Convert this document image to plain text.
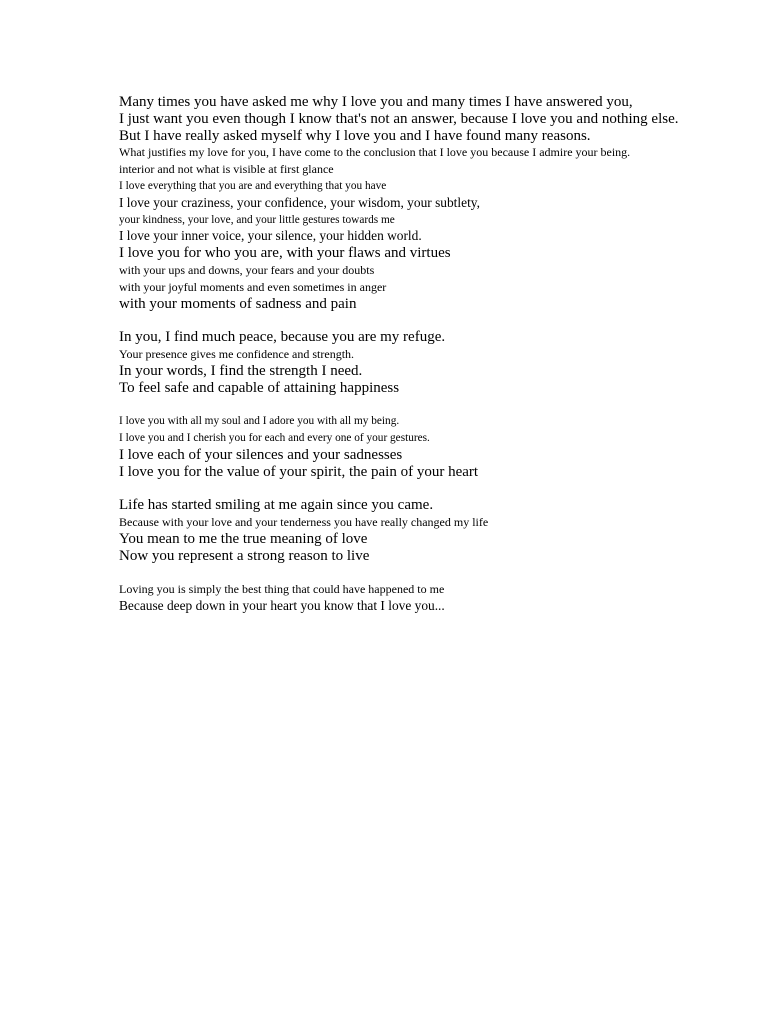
Many times you have asked me why I love you and many times I have answered you,
I just want you even though I know that's not an answer, because I love you and nothing else.
But I have really asked myself why I love you and I have found many reasons.
What justifies my love for you, I have come to the conclusion that I love you because I admire your being.
interior and not what is visible at first glance
I love everything that you are and everything that you have
I love your craziness, your confidence, your wisdom, your subtlety,
your kindness, your love, and your little gestures towards me
I love your inner voice, your silence, your hidden world.
I love you for who you are, with your flaws and virtues
with your ups and downs, your fears and your doubts
with your joyful moments and even sometimes in anger
with your moments of sadness and pain
In you, I find much peace, because you are my refuge.
Your presence gives me confidence and strength.
In your words, I find the strength I need.
To feel safe and capable of attaining happiness
I love you with all my soul and I adore you with all my being.
I love you and I cherish you for each and every one of your gestures.
I love each of your silences and your sadnesses
I love you for the value of your spirit, the pain of your heart
Life has started smiling at me again since you came.
Because with your love and your tenderness you have really changed my life
You mean to me the true meaning of love
Now you represent a strong reason to live
Loving you is simply the best thing that could have happened to me
Because deep down in your heart you know that I love you...
